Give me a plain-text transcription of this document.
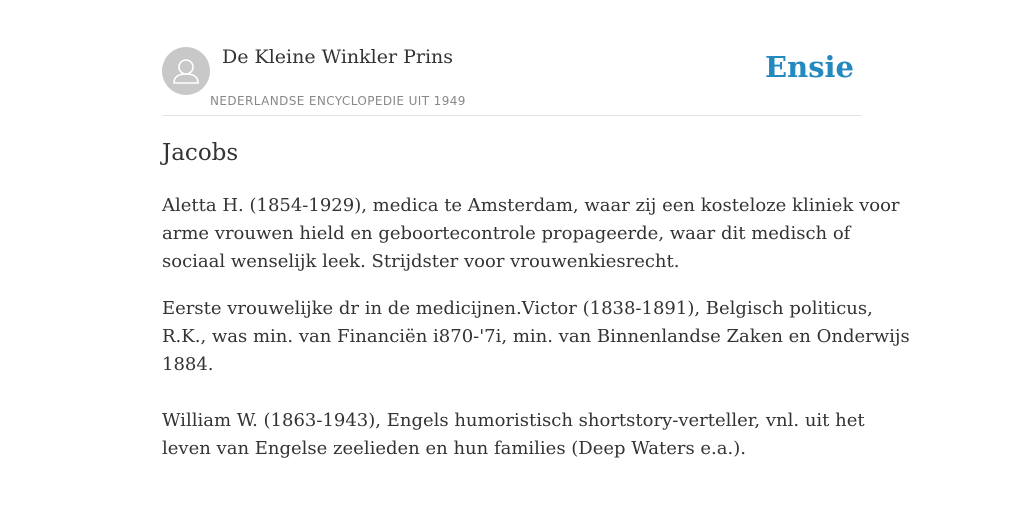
De Kleine Winkler Prins
NEDERLANDSE ENCYCLOPEDIE UIT 1949
Ensie
Jacobs

Aletta H. (1854-1929), medica te Amsterdam, waar zij een kosteloze kliniek voor
arme vrouwen hield en geboortecontrole propageerde, waar dit medisch of
sociaal wenselijk leek. Strijdster voor vrouwenkiesrecht.

Eerste vrouwelijke dr in de medicijnen.Victor (1838-1891), Belgisch politicus,
R.K., was min. van Financiën i870-'7i, min. van Binnenlandse Zaken en Onderwijs
1884.

William W. (1863-1943), Engels humoristisch shortstory-verteller, vnl. uit het
leven van Engelse zeelieden en hun families (Deep Waters e.a.).
